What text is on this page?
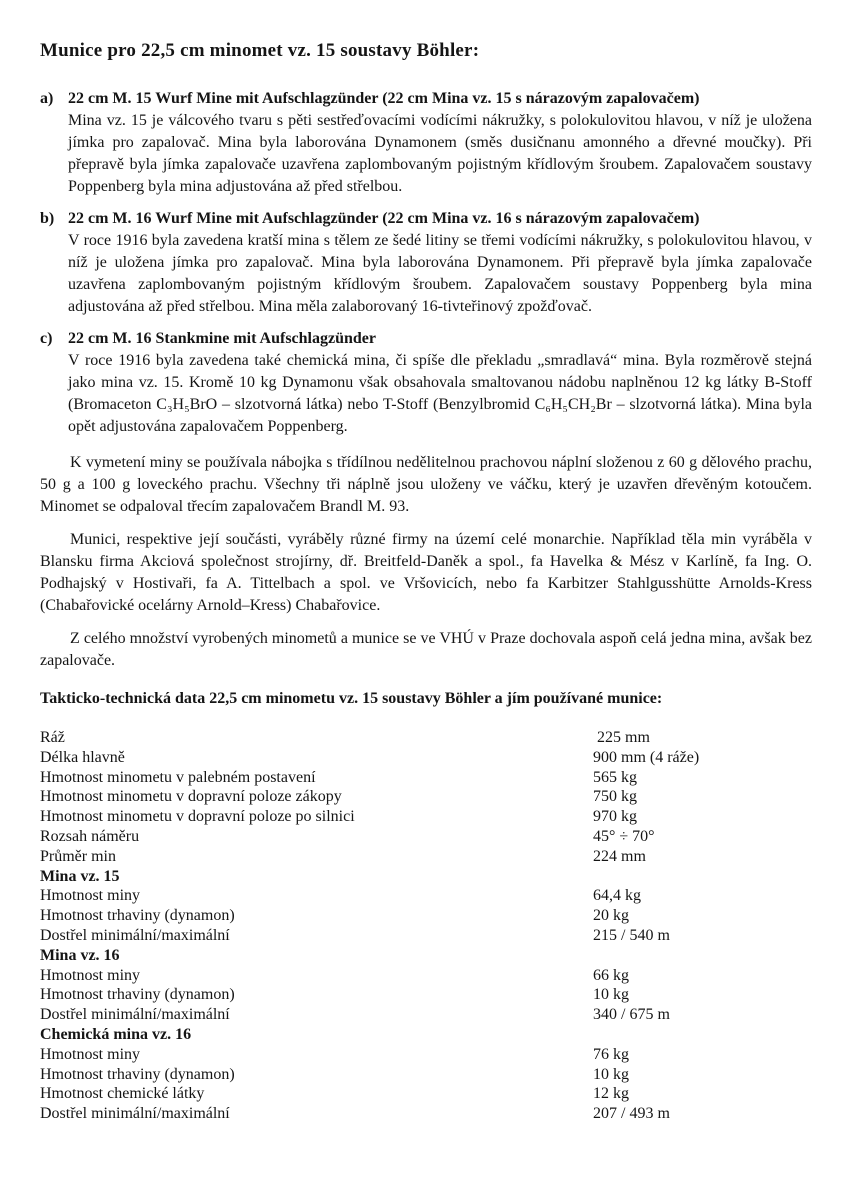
Munice pro 22,5 cm minomet vz. 15 soustavy Böhler:
a) 22 cm M. 15 Wurf Mine mit Aufschlagzünder (22 cm Mina vz. 15 s nárazovým zapalovačem)

Mina vz. 15 je válcového tvaru s pěti sestřeďovacími vodícími nákružky, s polokulovitou hlavou, v níž je uložena jímka pro zapalovač. Mina byla laborována Dynamonem (směs dusičnanu amonného a dřevné moučky). Při přepravě byla jímka zapalovače uzavřena zaplombovaným pojistným křídlovým šroubem. Zapalovačem soustavy Poppenberg byla mina adjustována až před střelbou.

b) 22 cm M. 16 Wurf Mine mit Aufschlagzünder (22 cm Mina vz. 16 s nárazovým zapalovačem)

V roce 1916 byla zavedena kratší mina s tělem ze šedé litiny se třemi vodícími nákružky, s polokulovitou hlavou, v níž je uložena jímka pro zapalovač. Mina byla laborována Dynamonem. Při přepravě byla jímka zapalovače uzavřena zaplombovaným pojistným křídlovým šroubem. Zapalovačem soustavy Poppenberg byla mina adjustována až před střelbou. Mina měla zalaborovaný 16-tivteřinový zpožďovač.

c) 22 cm M. 16 Stankmine mit Aufschlagzünder

V roce 1916 byla zavedena také chemická mina, či spíše dle překladu „smradlavá“ mina. Byla rozměrově stejná jako mina vz. 15. Kromě 10 kg Dynamonu však obsahovala smaltovanou nádobu naplněnou 12 kg látky B-Stoff (Bromaceton C₃H₅BrO – slzotvorná látka) nebo T-Stoff (Benzylbromid C₆H₅CH₂Br – slzotvorná látka). Mina byla opět adjustována zapalovačem Poppenberg.

K vymetení miny se používala nábojka s třídílnou nedělitelnou prachovou náplní složenou z 60 g dělového prachu, 50 g a 100 g loveckého prachu. Všechny tři náplně jsou uloženy ve váčku, který je uzavřen dřevěným kotoučem. Minomet se odpaloval třecím zapalovačem Brandl M. 93.

Munici, respektive její součásti, vyráběly různé firmy na území celé monarchie. Například těla min vyráběla v Blansku firma Akciová společnost strojírny, dř. Breitfeld-Daněk a spol., fa Havelka & Mész v Karlíně, fa Ing. O. Podhajský v Hostivaři, fa A. Tittelbach a spol. ve Vršovicích, nebo fa Karbitzer Stahlgusshütte Arnolds-Kress (Chabařovické ocelárny Arnold–Kress) Chabařovice.

Z celého množství vyrobených minometů a munice se ve VHÚ v Praze dochovala aspoň celá jedna mina, avšak bez zapalovače.

Takticko-technická data 22,5 cm minometu vz. 15 soustavy Böhler a jím používané munice:
Ráž	225 mm
Délka hlavně	900 mm (4 ráže)
Hmotnost minometu v palebném postavení	565 kg
Hmotnost minometu v dopravní poloze zákopy	750 kg
Hmotnost minometu v dopravní poloze po silnici	970 kg
Rozsah náměru	45° ÷ 70°
Průměr min	224 mm
Mina vz. 15
Hmotnost miny	64,4 kg
Hmotnost trhaviny (dynamon)	20 kg
Dostřel minimální/maximální	215 / 540 m
Mina vz. 16
Hmotnost miny	66 kg
Hmotnost trhaviny (dynamon)	10 kg
Dostřel minimální/maximální	340 / 675 m
Chemická mina vz. 16
Hmotnost miny	76 kg
Hmotnost trhaviny (dynamon)	10 kg
Hmotnost chemické látky	12 kg
Dostřel minimální/maximální	207 / 493 m
